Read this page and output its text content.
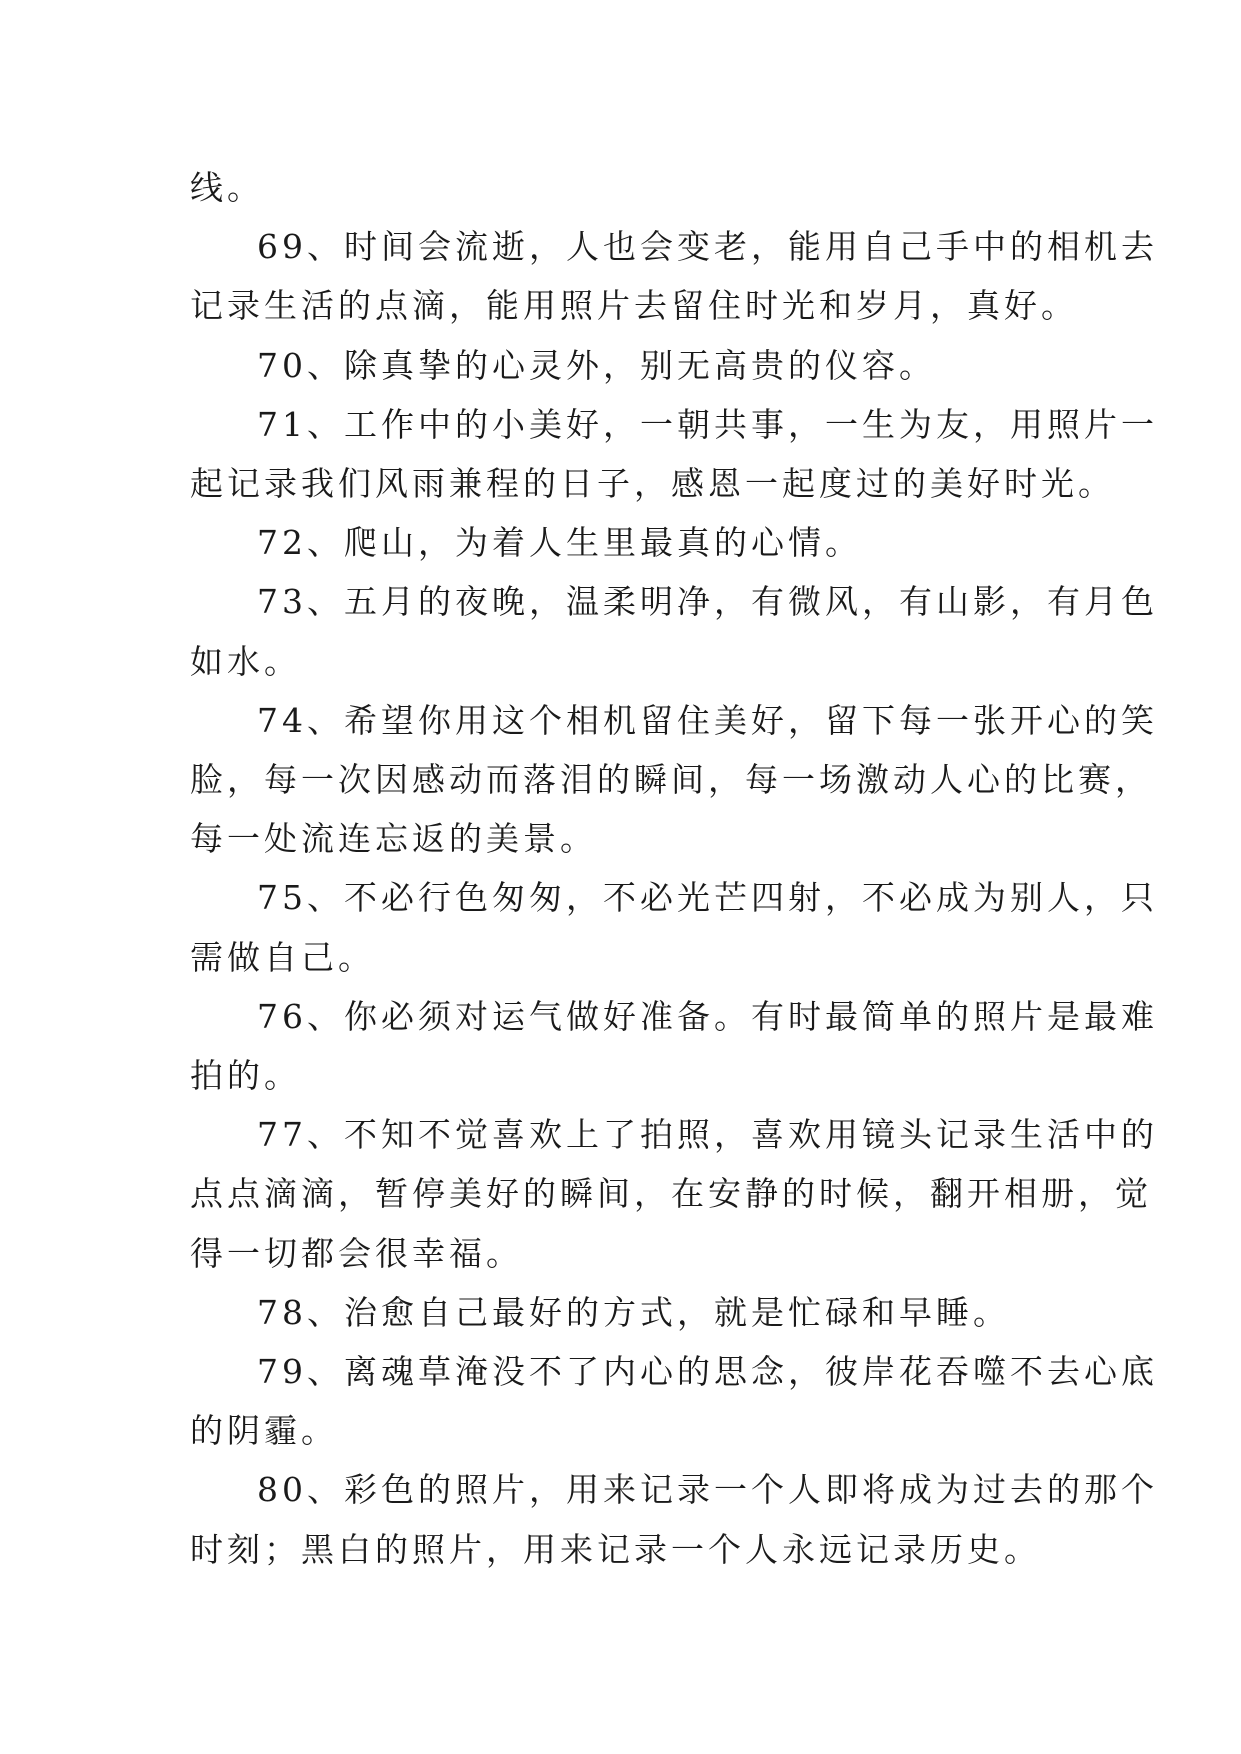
线。

69、时间会流逝，人也会变老，能用自己手中的相机去
记录生活的点滴，能用照片去留住时光和岁月，真好。

70、除真挚的心灵外，别无高贵的仪容。

71、工作中的小美好，一朝共事，一生为友，用照片一
起记录我们风雨兼程的日子，感恩一起度过的美好时光。

72、爬山，为着人生里最真的心情。

73、五月的夜晚，温柔明净，有微风，有山影，有月色
如水。

74、希望你用这个相机留住美好，留下每一张开心的笑
脸，每一次因感动而落泪的瞬间，每一场激动人心的比赛，
每一处流连忘返的美景。

75、不必行色匆匆，不必光芒四射，不必成为别人，只
需做自己。

76、你必须对运气做好准备。有时最简单的照片是最难
拍的。

77、不知不觉喜欢上了拍照，喜欢用镜头记录生活中的
点点滴滴，暂停美好的瞬间，在安静的时候，翻开相册，觉
得一切都会很幸福。

78、治愈自己最好的方式，就是忙碌和早睡。

79、离魂草淹没不了内心的思念，彼岸花吞噬不去心底
的阴霾。

80、彩色的照片，用来记录一个人即将成为过去的那个
时刻；黑白的照片，用来记录一个人永远记录历史。
